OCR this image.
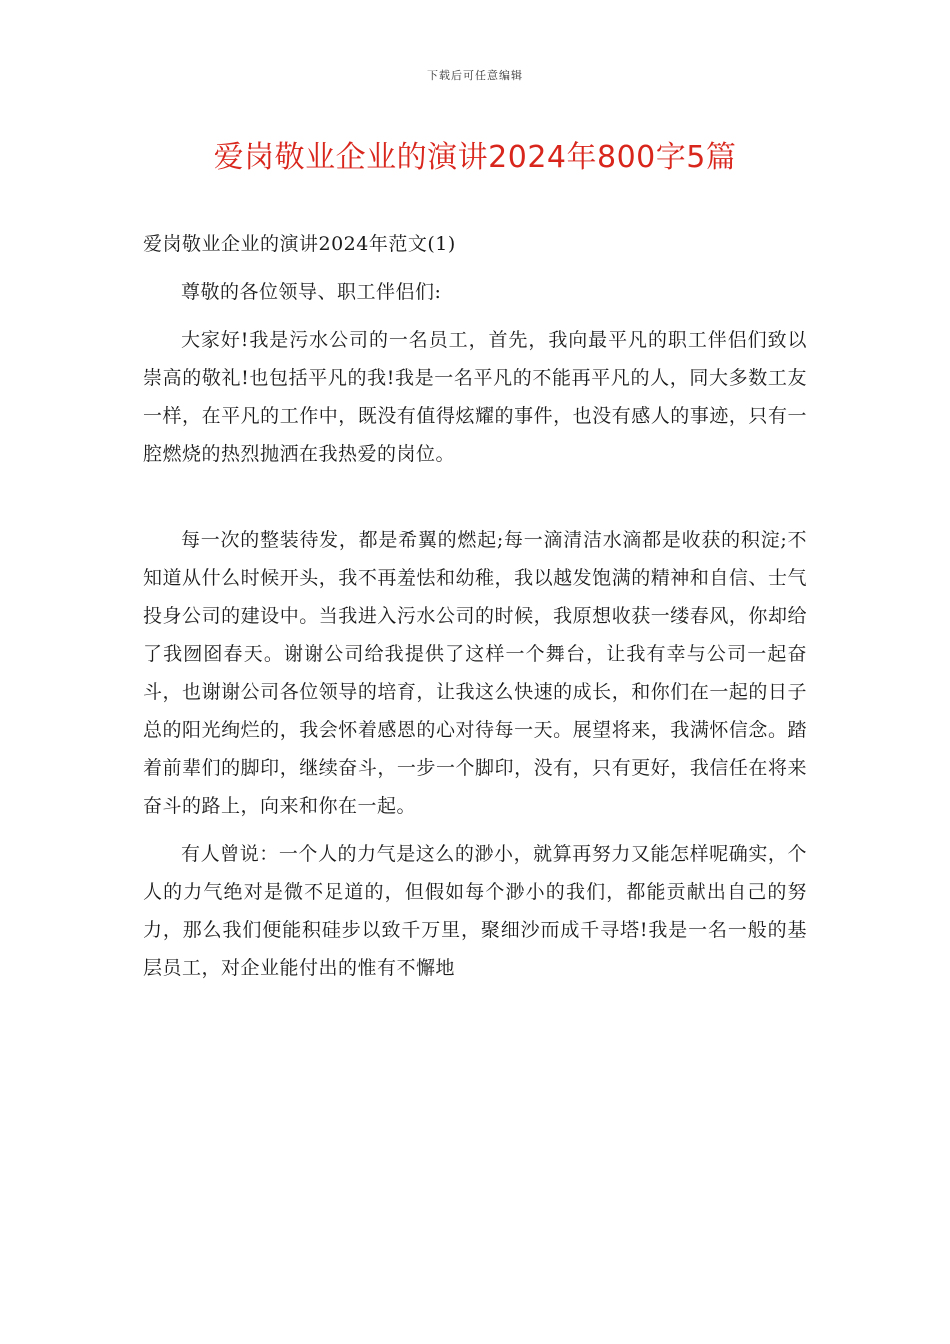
下载后可任意编辑
爱岗敬业企业的演讲2024年800字5篇

爱岗敬业企业的演讲2024年范文(1)

尊敬的各位领导、职工伴侣们:

大家好!我是污水公司的一名员工，首先，我向最平凡的职工伴侣们致以崇高的敬礼!也包括平凡的我!我是一名平凡的不能再平凡的人，同大多数工友一样，在平凡的工作中，既没有值得炫耀的事件，也没有感人的事迹，只有一腔燃烧的热烈抛洒在我热爱的岗位。

每一次的整装待发，都是希翼的燃起;每一滴清洁水滴都是收获的积淀;不知道从什么时候开头，我不再羞怯和幼稚，我以越发饱满的精神和自信、士气投身公司的建设中。当我进入污水公司的时候，我原想收获一缕春风，你却给了我囫囵春天。谢谢公司给我提供了这样一个舞台，让我有幸与公司一起奋斗，也谢谢公司各位领导的培育，让我这么快速的成长，和你们在一起的日子总的阳光绚烂的，我会怀着感恩的心对待每一天。展望将来，我满怀信念。踏着前辈们的脚印，继续奋斗，一步一个脚印，没有，只有更好，我信任在将来奋斗的路上，向来和你在一起。

有人曾说：一个人的力气是这么的渺小，就算再努力又能怎样呢确实，个人的力气绝对是微不足道的，但假如每个渺小的我们，都能贡献出自己的努力，那么我们便能积硅步以致千万里，聚细沙而成千寻塔!我是一名一般的基层员工，对企业能付出的惟有不懈地
